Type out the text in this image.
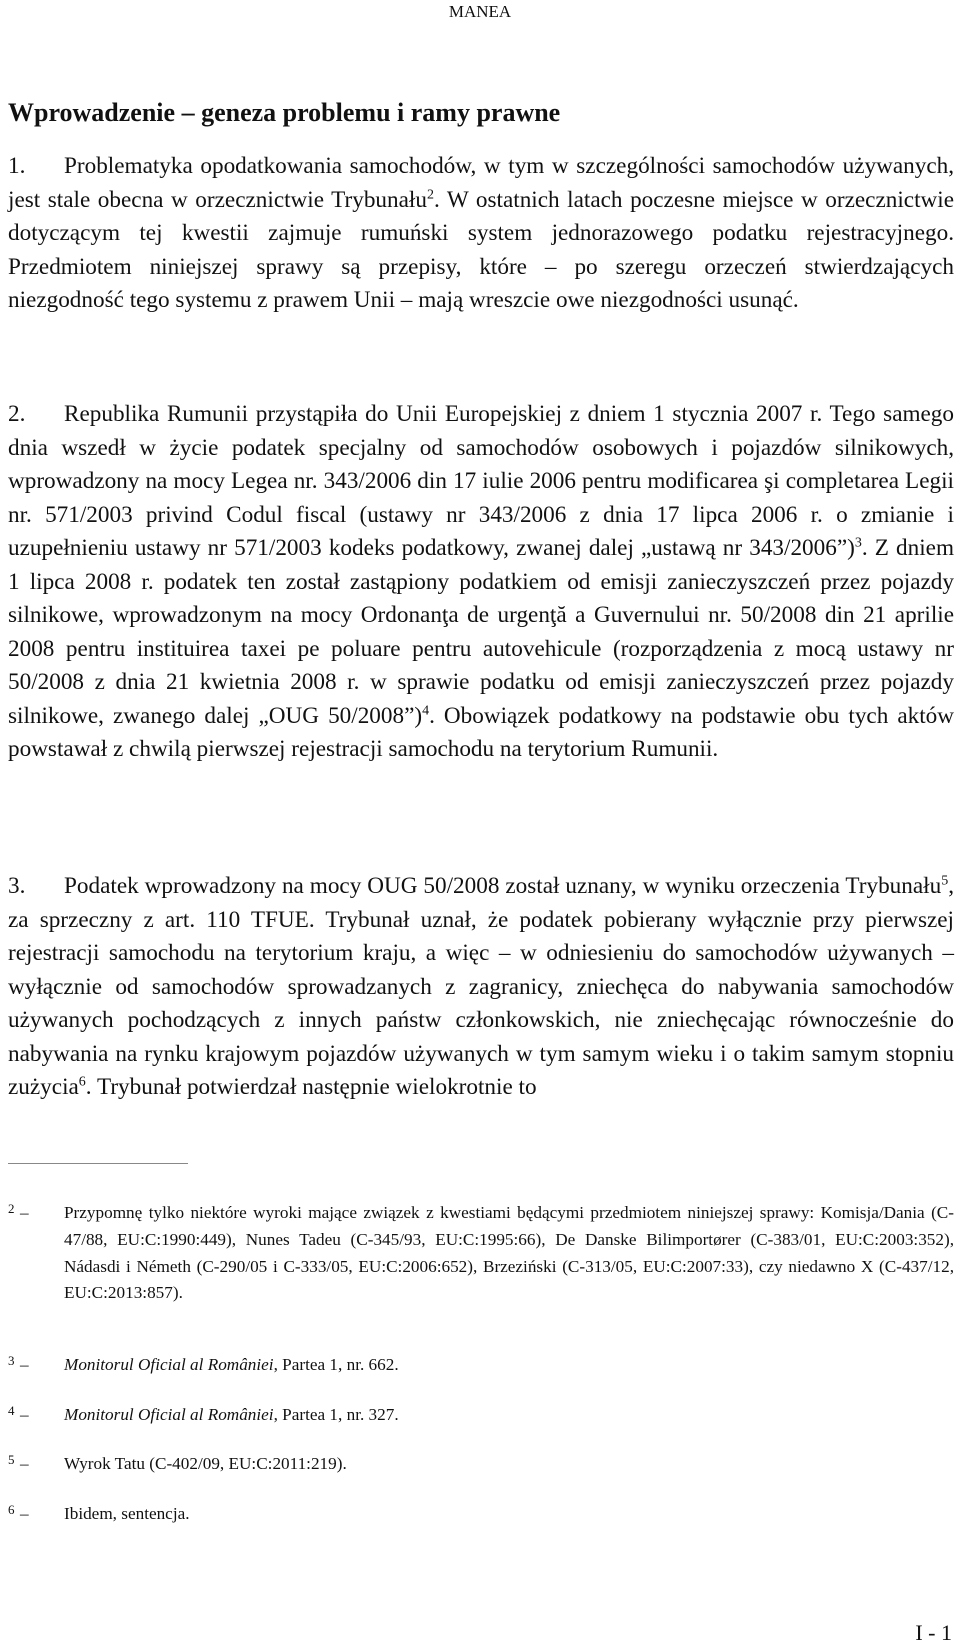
MANEA
Wprowadzenie – geneza problemu i ramy prawne

1. Problematyka opodatkowania samochodów, w tym w szczególności samochodów używanych, jest stale obecna w orzecznictwie Trybunału$^2$. W ostatnich latach poczesne miejsce w orzecznictwie dotyczącym tej kwestii zajmuje rumuński system jednorazowego podatku rejestracyjnego. Przedmiotem niniejszej sprawy są przepisy, które – po szeregu orzeczeń stwierdzających niezgodność tego systemu z prawem Unii – mają wreszcie owe niezgodności usunąć.

2. Republika Rumunii przystąpiła do Unii Europejskiej z dniem 1 stycznia 2007 r. Tego samego dnia wszedł w życie podatek specjalny od samochodów osobowych i pojazdów silnikowych, wprowadzony na mocy Legea nr. 343/2006 din 17 iulie 2006 pentru modificarea şi completarea Legii nr. 571/2003 privind Codul fiscal (ustawy nr 343/2006 z dnia 17 lipca 2006 r. o zmianie i uzupełnieniu ustawy nr 571/2003 kodeks podatkowy, zwanej dalej „ustawą nr 343/2006”)$^3$. Z dniem 1 lipca 2008 r. podatek ten został zastąpiony podatkiem od emisji zanieczyszczeń przez pojazdy silnikowe, wprowadzonym na mocy Ordonanţa de urgenţă a Guvernului nr. 50/2008 din 21 aprilie 2008 pentru instituirea taxei pe poluare pentru autovehicule (rozporządzenia z mocą ustawy nr 50/2008 z dnia 21 kwietnia 2008 r. w sprawie podatku od emisji zanieczyszczeń przez pojazdy silnikowe, zwanego dalej „OUG 50/2008”)$^4$. Obowiązek podatkowy na podstawie obu tych aktów powstawał z chwilą pierwszej rejestracji samochodu na terytorium Rumunii.

3. Podatek wprowadzony na mocy OUG 50/2008 został uznany, w wyniku orzeczenia Trybunału$^5$, za sprzeczny z art. 110 TFUE. Trybunał uznał, że podatek pobierany wyłącznie przy pierwszej rejestracji samochodu na terytorium kraju, a więc – w odniesieniu do samochodów używanych – wyłącznie od samochodów sprowadzanych z zagranicy, zniechęca do nabywania samochodów używanych pochodzących z innych państw członkowskich, nie zniechęcając równocześnie do nabywania na rynku krajowym pojazdów używanych w tym samym wieku i o takim samym stopniu zużycia$^6$. Trybunał potwierdzał następnie wielokrotnie to

2 – Przypomnę tylko niektóre wyroki mające związek z kwestiami będącymi przedmiotem niniejszej sprawy: Komisja/Dania (C-47/88, EU:C:1990:449), Nunes Tadeu (C-345/93, EU:C:1995:66), De Danske Bilimportører (C-383/01, EU:C:2003:352), Nádasdi i Németh (C-290/05 i C‑333/05, EU:C:2006:652), Brzeziński (C-313/05, EU:C:2007:33), czy niedawno X (C-437/12, EU:C:2013:857).
3 – Monitorul Oficial al României, Partea 1, nr. 662.
4 – Monitorul Oficial al României, Partea 1, nr. 327.
5 – Wyrok Tatu (C-402/09, EU:C:2011:219).
6 – Ibidem, sentencja.
I - 1
